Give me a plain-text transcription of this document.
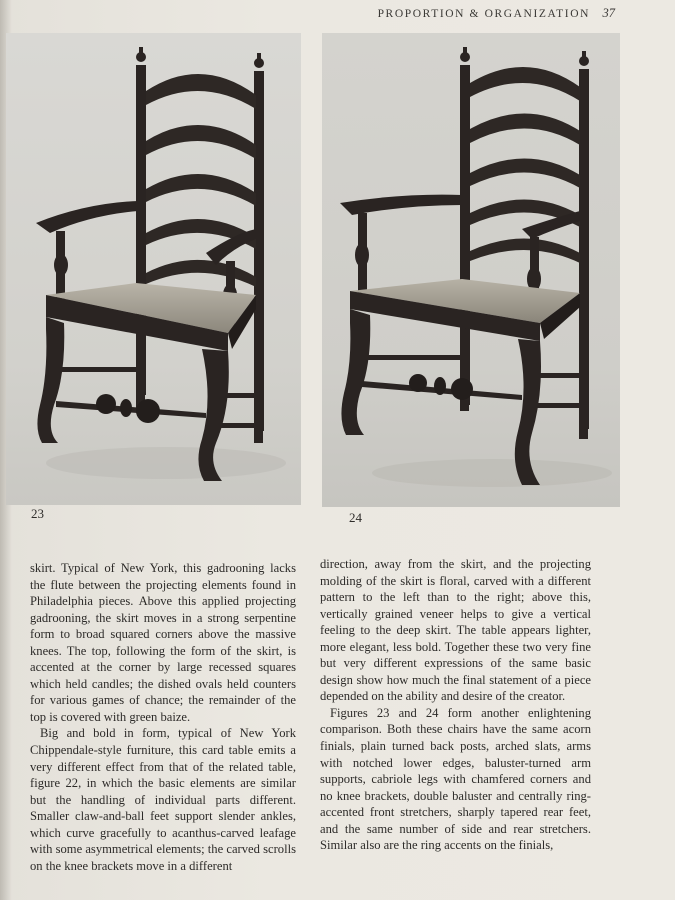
PROPORTION & ORGANIZATION 37
23	24

skirt. Typical of New York, this gadrooning lacks the flute between the projecting elements found in Philadelphia pieces. Above this applied projecting gadrooning, the skirt moves in a strong serpentine form to broad squared corners above the massive knees. The top, following the form of the skirt, is accented at the corner by large recessed squares which held candles; the dished ovals held counters for various games of chance; the remainder of the top is covered with green baize.

Big and bold in form, typical of New York Chippendale-style furniture, this card table emits a very different effect from that of the related table, figure 22, in which the basic elements are similar but the handling of individual parts different. Smaller claw-and-ball feet support slender ankles, which curve gracefully to acanthus-carved leafage with some asymmetrical elements; the carved scrolls on the knee brackets move in a different

direction, away from the skirt, and the projecting molding of the skirt is floral, carved with a different pattern to the left than to the right; above this, vertically grained veneer helps to give a vertical feeling to the deep skirt. The table appears lighter, more elegant, less bold. Together these two very fine but very different expressions of the same basic design show how much the final statement of a piece depended on the ability and desire of the creator.

Figures 23 and 24 form another enlightening comparison. Both these chairs have the same acorn finials, plain turned back posts, arched slats, arms with notched lower edges, baluster-turned arm supports, cabriole legs with chamfered corners and no knee brackets, double baluster and centrally ring-accented front stretchers, sharply tapered rear feet, and the same number of side and rear stretchers. Similar also are the ring accents on the finials,
